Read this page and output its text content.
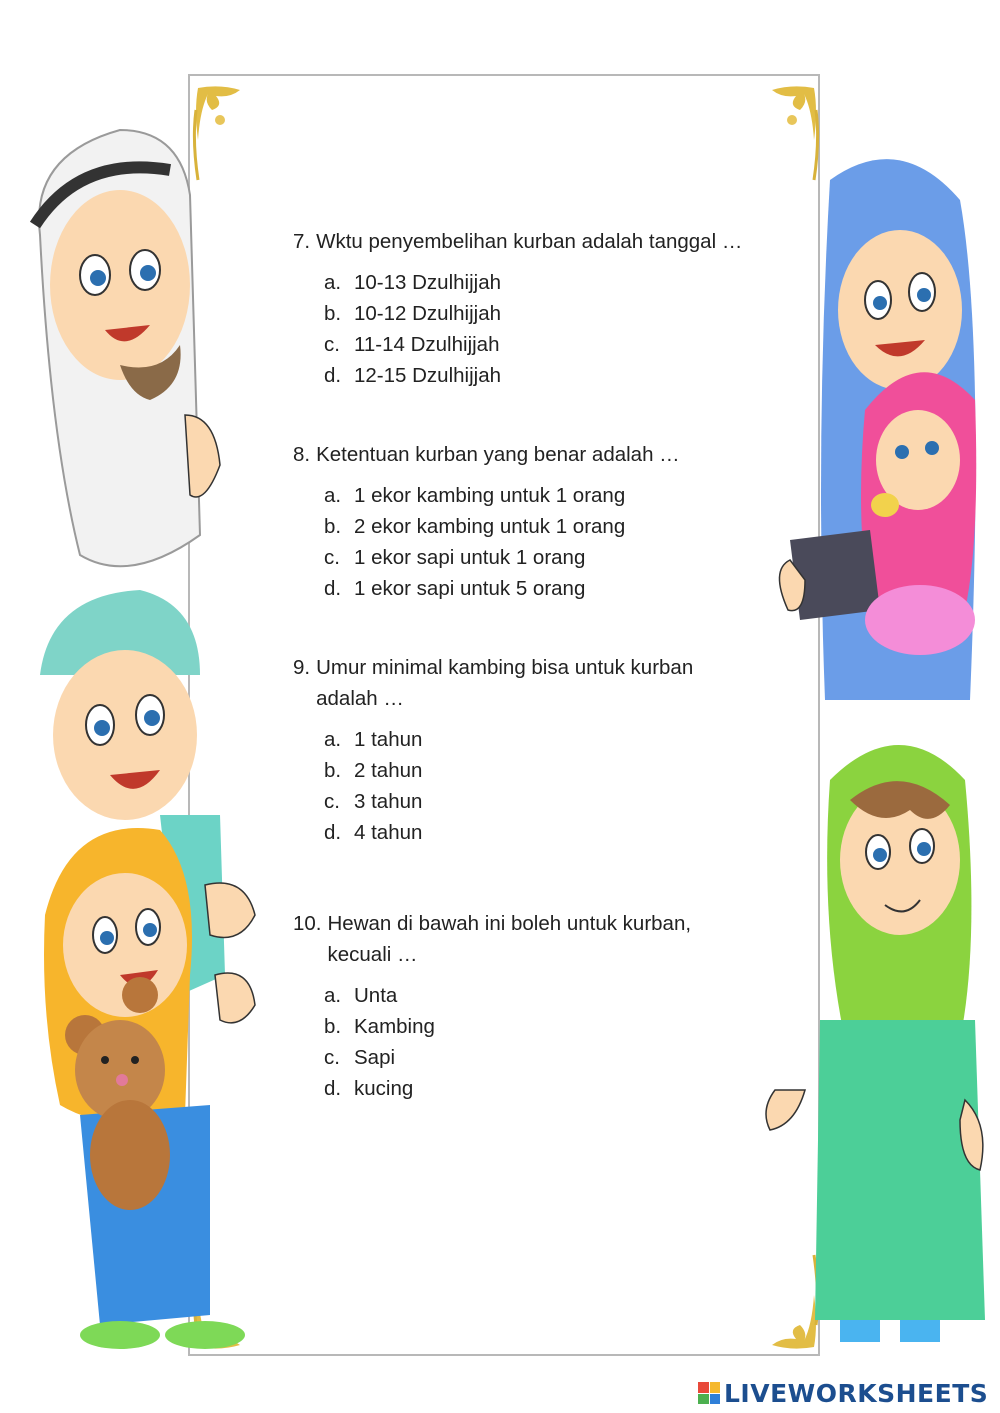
7. Wktu penyembelihan kurban adalah tanggal …
a. 10-13 Dzulhijjah
b. 10-12 Dzulhijjah
c. 11-14 Dzulhijjah
d. 12-15 Dzulhijjah
8. Ketentuan kurban yang benar adalah …
a. 1 ekor kambing untuk 1 orang
b. 2 ekor kambing untuk 1 orang
c. 1 ekor sapi untuk 1 orang
d. 1 ekor sapi untuk 5 orang
9. Umur minimal kambing bisa untuk kurban adalah …
a. 1 tahun
b. 2 tahun
c. 3 tahun
d. 4 tahun
10. Hewan di bawah ini boleh untuk kurban, kecuali …
a. Unta
b. Kambing
c. Sapi
d. kucing
LIVEWORKSHEETS
